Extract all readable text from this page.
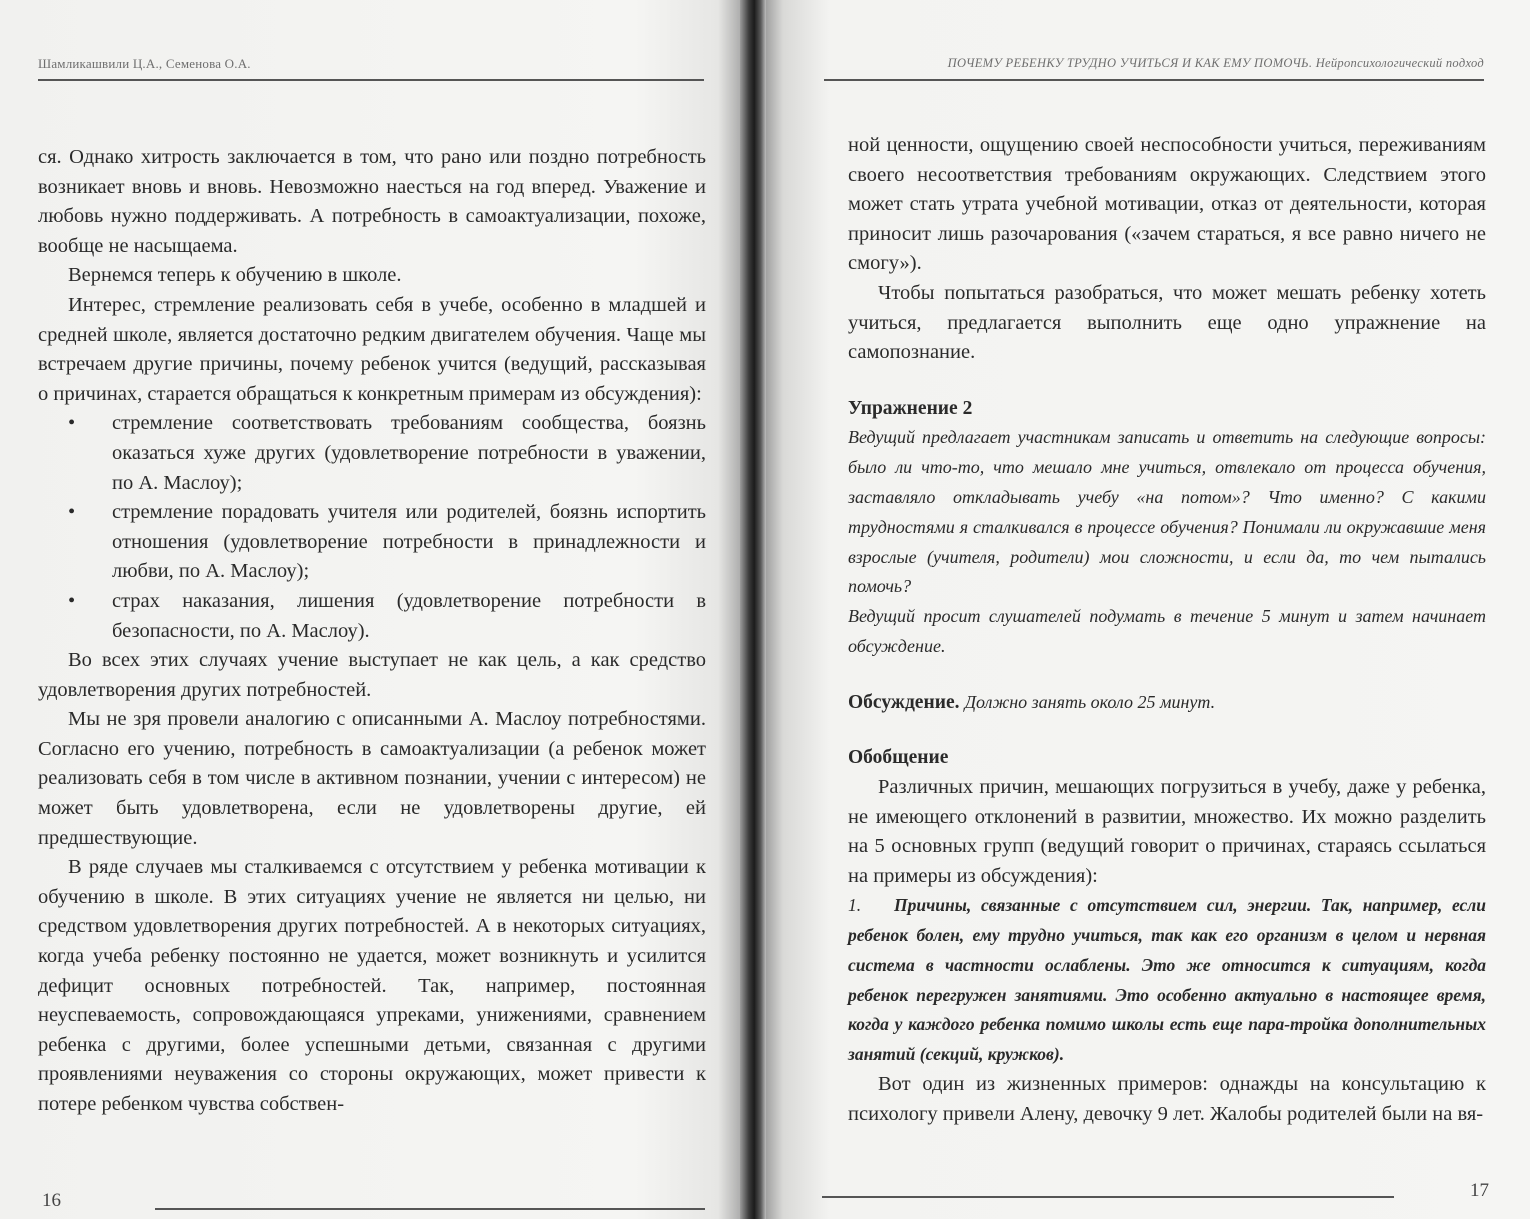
Шамликашвили Ц.А., Семенова О.А.

ся. Однако хитрость заключается в том, что рано или поздно потребность возникает вновь и вновь. Невозможно наесться на год вперед. Уважение и любовь нужно поддерживать. А потребность в самоактуализации, похоже, вообще не насыщаема.

Вернемся теперь к обучению в школе.

Интерес, стремление реализовать себя в учебе, особенно в младшей и средней школе, является достаточно редким двигателем обучения. Чаще мы встречаем другие причины, почему ребенок учится (ведущий, рассказывая о причинах, старается обращаться к конкретным примерам из обсуждения):

• стремление соответствовать требованиям сообщества, боязнь оказаться хуже других (удовлетворение потребности в уважении, по А. Маслоу);

• стремление порадовать учителя или родителей, боязнь испортить отношения (удовлетворение потребности в принадлежности и любви, по А. Маслоу);

• страх наказания, лишения (удовлетворение потребности в безопасности, по А. Маслоу).

Во всех этих случаях учение выступает не как цель, а как средство удовлетворения других потребностей.

Мы не зря провели аналогию с описанными А. Маслоу потребностями. Согласно его учению, потребность в самоактуализации (а ребенок может реализовать себя в том числе в активном познании, учении с интересом) не может быть удовлетворена, если не удовлетворены другие, ей предшествующие.

В ряде случаев мы сталкиваемся с отсутствием у ребенка мотивации к обучению в школе. В этих ситуациях учение не является ни целью, ни средством удовлетворения других потребностей. А в некоторых ситуациях, когда учеба ребенку постоянно не удается, может возникнуть и усилится дефицит основных потребностей. Так, например, постоянная неуспеваемость, сопровождающаяся упреками, унижениями, сравнением ребенка с другими, более успешными детьми, связанная с другими проявлениями неуважения со стороны окружающих, может привести к потере ребенком чувства собствен-

16
ПОЧЕМУ РЕБЕНКУ ТРУДНО УЧИТЬСЯ И КАК ЕМУ ПОМОЧЬ. Нейропсихологический подход

ной ценности, ощущению своей неспособности учиться, переживаниям своего несоответствия требованиям окружающих. Следствием этого может стать утрата учебной мотивации, отказ от деятельности, которая приносит лишь разочарования («зачем стараться, я все равно ничего не смогу»).

Чтобы попытаться разобраться, что может мешать ребенку хотеть учиться, предлагается выполнить еще одно упражнение на самопознание.

Упражнение 2

Ведущий предлагает участникам записать и ответить на следующие вопросы: было ли что-то, что мешало мне учиться, отвлекало от процесса обучения, заставляло откладывать учебу «на потом»? Что именно? С какими трудностями я сталкивался в процессе обучения? Понимали ли окружавшие меня взрослые (учителя, родители) мои сложности, и если да, то чем пытались помочь?

Ведущий просит слушателей подумать в течение 5 минут и затем начинает обсуждение.

Обсуждение. Должно занять около 25 минут.

Обобщение

Различных причин, мешающих погрузиться в учебу, даже у ребенка, не имеющего отклонений в развитии, множество. Их можно разделить на 5 основных групп (ведущий говорит о причинах, стараясь ссылаться на примеры из обсуждения):

1. Причины, связанные с отсутствием сил, энергии. Так, например, если ребенок болен, ему трудно учиться, так как его организм в целом и нервная система в частности ослаблены. Это же относится к ситуациям, когда ребенок перегружен занятиями. Это особенно актуально в настоящее время, когда у каждого ребенка помимо школы есть еще пара-тройка дополнительных занятий (секций, кружков).

Вот один из жизненных примеров: однажды на консультацию к психологу привели Алену, девочку 9 лет. Жалобы родителей были на вя-

17
